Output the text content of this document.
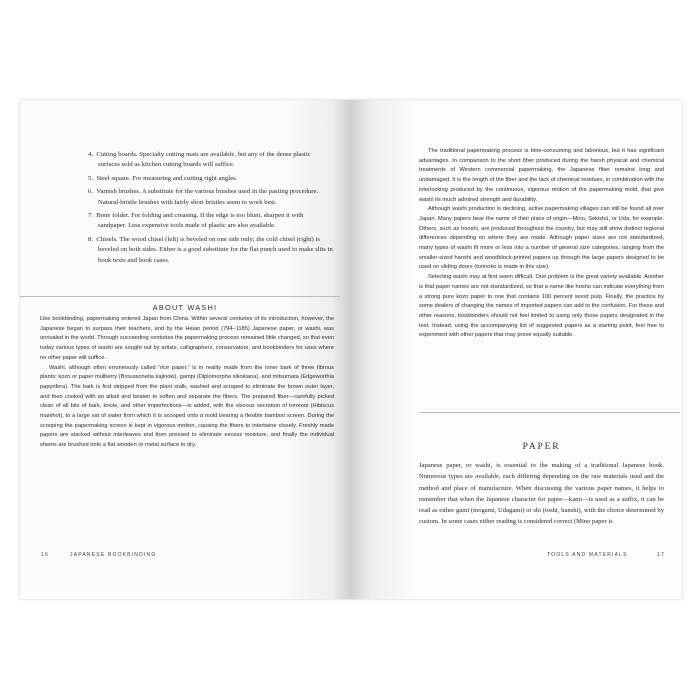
4. Cutting boards. Specialty cutting mats are available, but any of the dense plastic surfaces sold as kitchen cutting boards will suffice.
5. Steel square. For measuring and cutting right angles.
6. Varnish brushes. A substitute for the various brushes used in the pasting procedure. Natural-bristle brushes with fairly short bristles seem to work best.
7. Bone folder. For folding and creasing. If the edge is too blunt, sharpen it with sandpaper. Less expensive tools made of plastic are also available.
8. Chisels. The wood chisel (left) is beveled on one side only; the cold chisel (right) is beveled on both sides. Either is a good substitute for the flat punch used to make slits in book texts and book cases.
ABOUT WASHI

Like bookbinding, papermaking entered Japan from China. Within several centuries of its introduction, however, the Japanese began to surpass their teachers, and by the Heian period (794–1185) Japanese paper, or washi, was unrivaled in the world. Through succeeding centuries the papermaking process remained little changed, so that even today various types of washi are sought out by artists, calligraphers, conservators, and bookbinders for uses where no other paper will suffice.

Washi, although often erroneously called “rice paper,” is in reality made from the inner bark of three fibrous plants: kozo or paper mulberry (Broussonetia kajinoki), gampi (Diplomorpha sikokiana), and mitsumata (Edgeworthia papyrifera). The bark is first stripped from the plant stalk, washed and scraped to eliminate the brown outer layer, and then cooked with an alkali and beaten to soften and separate the fibers. The prepared fiber—carefully picked clean of all bits of bark, knots, and other imperfections—is added, with the viscous secretion of tororooi (Hibiscus manihot), to a large vat of water from which it is scooped onto a mold bearing a flexible bamboo screen. During the scooping the papermaking screen is kept in vigorous motion, causing the fibers to intertwine closely. Freshly made papers are stacked without interleaves and then pressed to eliminate excess moisture, and finally the individual sheets are brushed onto a flat wooden or metal surface to dry.

16	JAPANESE BOOKBINDING

The traditional papermaking process is time-consuming and laborious, but it has significant advantages. In comparison to the short fiber produced during the harsh physical and chemical treatments of Western commercial papermaking, the Japanese fiber remains long and undamaged. It is the length of the fiber and the lack of chemical residues, in combination with the interlocking produced by the continuous, vigorous motion of the papermaking mold, that give washi its much admired strength and durability.

Although washi production is declining, active papermaking villages can still be found all over Japan. Many papers bear the name of their place of origin—Mino, Sekishū, or Uda, for example. Others, such as honshi, are produced throughout the country, but may still show distinct regional differences depending on where they are made. Although paper sizes are not standardized, many types of washi fit more or less into a number of general size categories, ranging from the smaller-sized hanshi and woodblock-printed papers up through the large papers designed to be used on sliding doors (torinoko is made in this size).

Selecting washi may at first seem difficult. One problem is the great variety available. Another is that paper names are not standardized, so that a name like hosho can indicate everything from a strong pure kozo paper to one that contains 100 percent wood pulp. Finally, the practice by some dealers of changing the names of imported papers can add to the confusion. For these and other reasons, bookbinders should not feel limited to using only those papers designated in the text. Instead, using the accompanying list of suggested papers as a starting point, feel free to experiment with other papers that may prove equally suitable.

PAPER

Japanese paper, or washi, is essential to the making of a traditional Japanese book. Numerous types are available, each differing depending on the raw materials used and the method and place of manufacture. When discussing the various paper names, it helps to remember that when the Japanese character for paper—kami—is used as a suffix, it can be read as either gami (mogami, Udagami) or shi (toshi, hanshi), with the choice determined by custom. In some cases either reading is considered correct (Mino paper is

TOOLS AND MATERIALS	17
